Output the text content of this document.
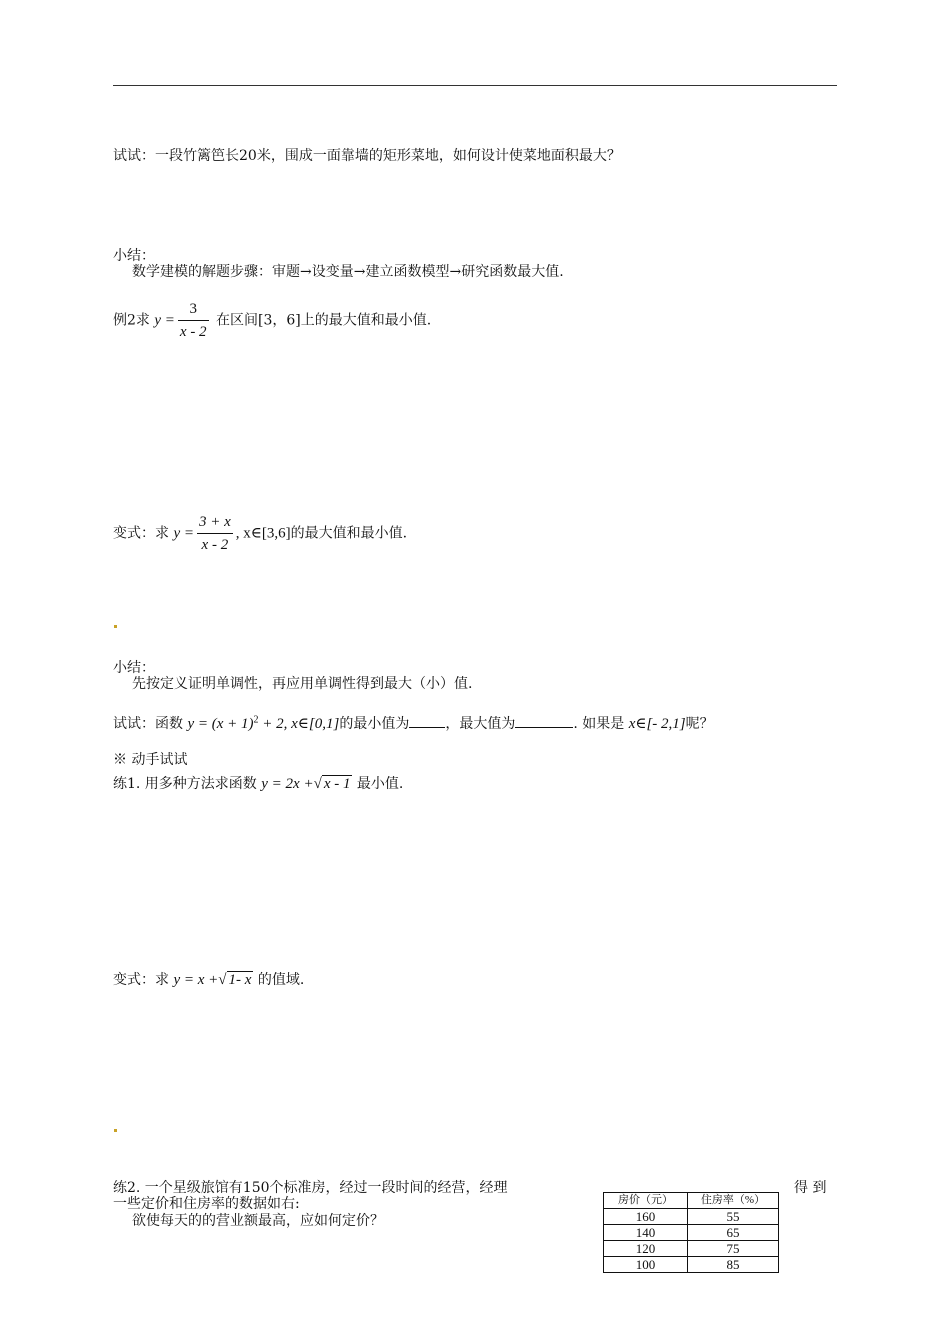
试试：一段竹篱笆长20米，围成一面靠墙的矩形菜地，如何设计使菜地面积最大？
小结：
数学建模的解题步骤：审题→设变量→建立函数模型→研究函数最大值.
例2求 $y = \frac{3}{x - 2}$ 在区间[3，6]上的最大值和最小值.
变式：求 $y = \frac{3 + x}{x - 2}$ , x∈[3,6]的最大值和最小值.
小结：
先按定义证明单调性，再应用单调性得到最大（小）值.
试试：函数 $y = (x + 1)^2 + 2$, x∈[0,1]的最小值为	，最大值为	. 如果是 x∈[- 2,1]呢？
※ 动手试试
练1. 用多种方法求函数 y = 2x +√ x - 1 最小值.
变式：求 y = x +√ 1- x 的值域.
练2. 一个星级旅馆有150个标准房，经过一段时间的经营，经理	得 到
一些定价和住房率的数据如右:
欲使每天的的营业额最高，应如何定价？
房价（元）	住房率（%）
160	55
140	65
120	75
100	85
